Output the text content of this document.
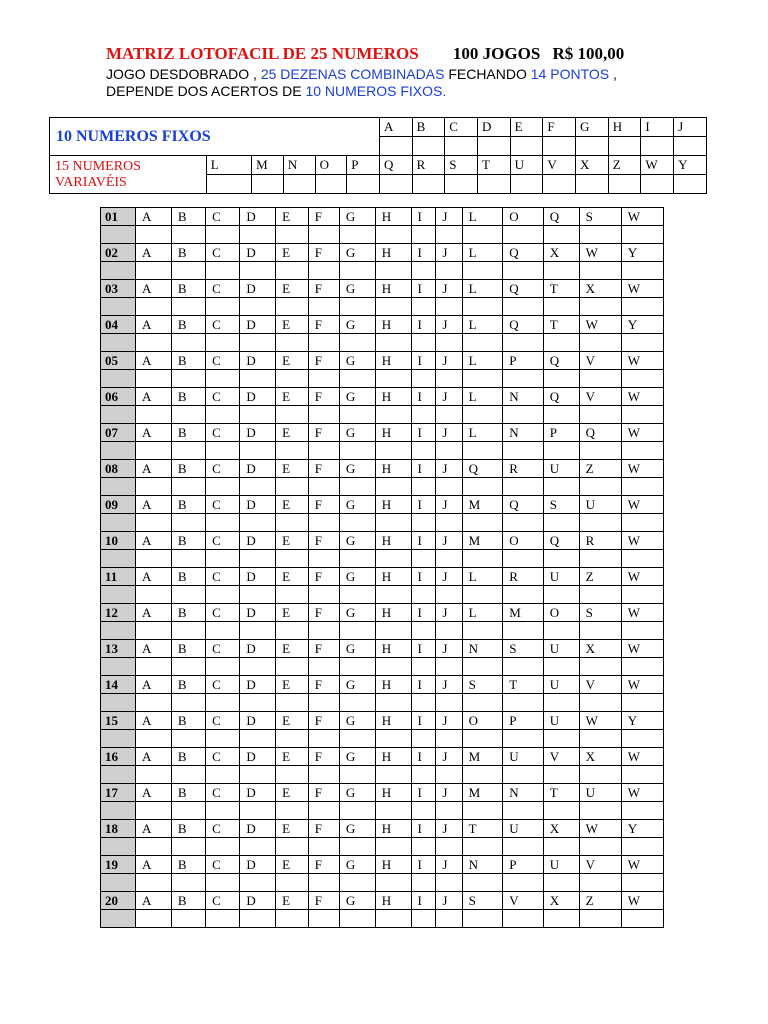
MATRIZ LOTOFACIL DE 25 NUMEROS 100 JOGOS R$ 100,00
JOGO DESDOBRADO , 25 DEZENAS COMBINADAS FECHANDO 14 PONTOS ,
DEPENDE DOS ACERTOS DE 10 NUMEROS FIXOS.
10 NUMEROS FIXOS						A	B	C	D	E	F	G	H	I	J

15 NUMEROS
VARIAVÉIS	L	M	N	O	P	Q	R	S	T	U	V	X	Z	W	Y

01	A	B	C	D	E	F	G	H	I	J	L	O	Q	S	W

02	A	B	C	D	E	F	G	H	I	J	L	Q	X	W	Y

03	A	B	C	D	E	F	G	H	I	J	L	Q	T	X	W

04	A	B	C	D	E	F	G	H	I	J	L	Q	T	W	Y

05	A	B	C	D	E	F	G	H	I	J	L	P	Q	V	W

06	A	B	C	D	E	F	G	H	I	J	L	N	Q	V	W

07	A	B	C	D	E	F	G	H	I	J	L	N	P	Q	W

08	A	B	C	D	E	F	G	H	I	J	Q	R	U	Z	W

09	A	B	C	D	E	F	G	H	I	J	M	Q	S	U	W

10	A	B	C	D	E	F	G	H	I	J	M	O	Q	R	W

11	A	B	C	D	E	F	G	H	I	J	L	R	U	Z	W

12	A	B	C	D	E	F	G	H	I	J	L	M	O	S	W

13	A	B	C	D	E	F	G	H	I	J	N	S	U	X	W

14	A	B	C	D	E	F	G	H	I	J	S	T	U	V	W

15	A	B	C	D	E	F	G	H	I	J	O	P	U	W	Y

16	A	B	C	D	E	F	G	H	I	J	M	U	V	X	W

17	A	B	C	D	E	F	G	H	I	J	M	N	T	U	W

18	A	B	C	D	E	F	G	H	I	J	T	U	X	W	Y

19	A	B	C	D	E	F	G	H	I	J	N	P	U	V	W

20	A	B	C	D	E	F	G	H	I	J	S	V	X	Z	W
